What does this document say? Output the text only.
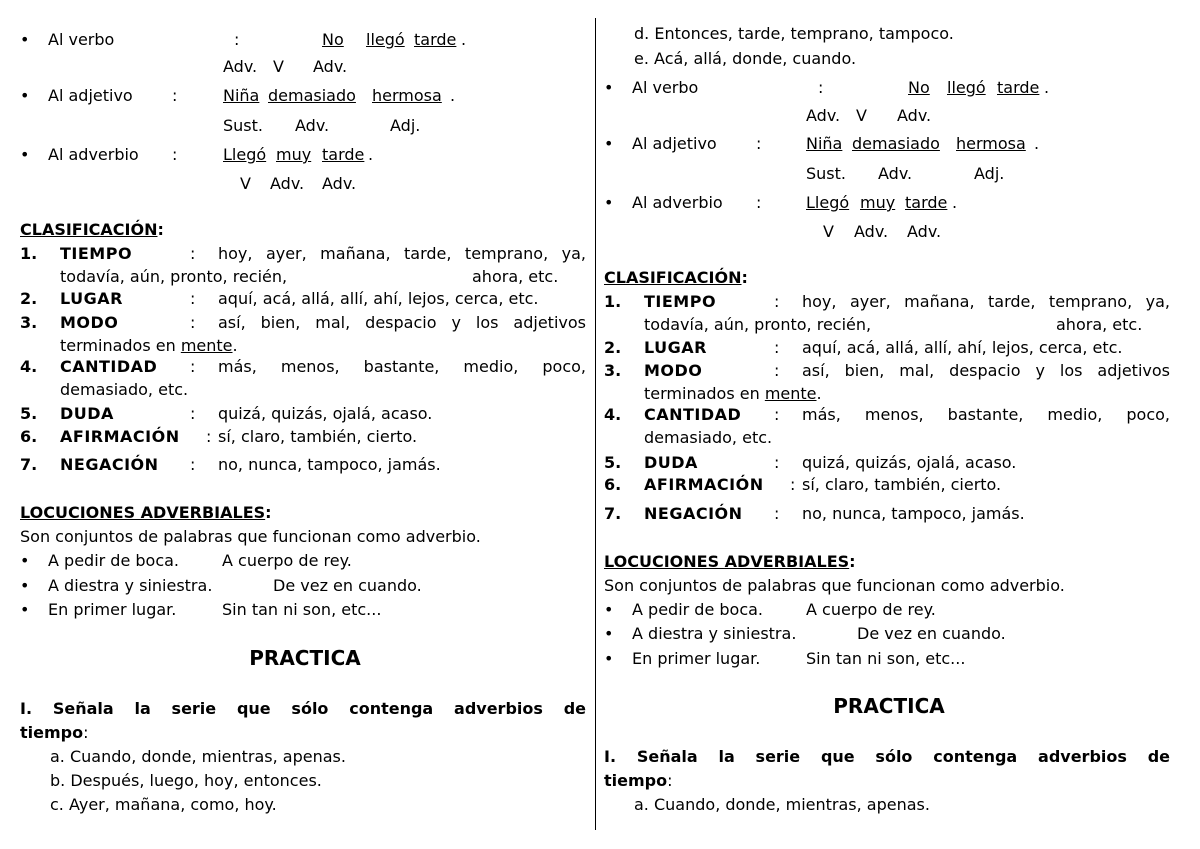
• Al verbo	:	No llegó tarde .
Adv. V Adv.
• Al adjetivo :	Niña demasiado hermosa .
Sust. Adv.	Adj.
• Al adverbio :	Llegó muy tarde .
V Adv. Adv.
CLASIFICACIÓN:
1. TIEMPO	: hoy, ayer, mañana, tarde, temprano, ya,
todavía, aún, pronto, recién,	ahora, etc.
2. LUGAR	: aquí, acá, allá, allí, ahí, lejos, cerca, etc.
3. MODO	: así, bien, mal, despacio y los adjetivos
terminados en mente.
4. CANTIDAD : más, menos, bastante, medio, poco,
demasiado, etc.
5. DUDA	: quizá, quizás, ojalá, acaso.
6. AFIRMACIÓN : sí, claro, también, cierto.
7. NEGACIÓN : no, nunca, tampoco, jamás.
LOCUCIONES ADVERBIALES:
Son conjuntos de palabras que funcionan como adverbio.
• A pedir de boca.	A cuerpo de rey.
• A diestra y siniestra.	De vez en cuando.
• En primer lugar.	Sin tan ni son, etc...
PRACTICA
I. Señala la serie que sólo contenga adverbios de
tiempo:
a. Cuando, donde, mientras, apenas.
b. Después, luego, hoy, entonces.
c. Ayer, mañana, como, hoy.
d. Entonces, tarde, temprano, tampoco.
e. Acá, allá, donde, cuando.
• Al verbo	:	No llegó tarde .
Adv. V Adv.
• Al adjetivo :	Niña demasiado hermosa .
Sust. Adv.	Adj.
• Al adverbio :	Llegó muy tarde .
V Adv. Adv.
CLASIFICACIÓN:
1. TIEMPO	: hoy, ayer, mañana, tarde, temprano, ya,
todavía, aún, pronto, recién,	ahora, etc.
2. LUGAR	: aquí, acá, allá, allí, ahí, lejos, cerca, etc.
3. MODO	: así, bien, mal, despacio y los adjetivos
terminados en mente.
4. CANTIDAD : más, menos, bastante, medio, poco,
demasiado, etc.
5. DUDA	: quizá, quizás, ojalá, acaso.
6. AFIRMACIÓN : sí, claro, también, cierto.
7. NEGACIÓN : no, nunca, tampoco, jamás.
LOCUCIONES ADVERBIALES:
Son conjuntos de palabras que funcionan como adverbio.
• A pedir de boca.	A cuerpo de rey.
• A diestra y siniestra.	De vez en cuando.
• En primer lugar.	Sin tan ni son, etc...
PRACTICA
I. Señala la serie que sólo contenga adverbios de
tiempo:
a. Cuando, donde, mientras, apenas.
